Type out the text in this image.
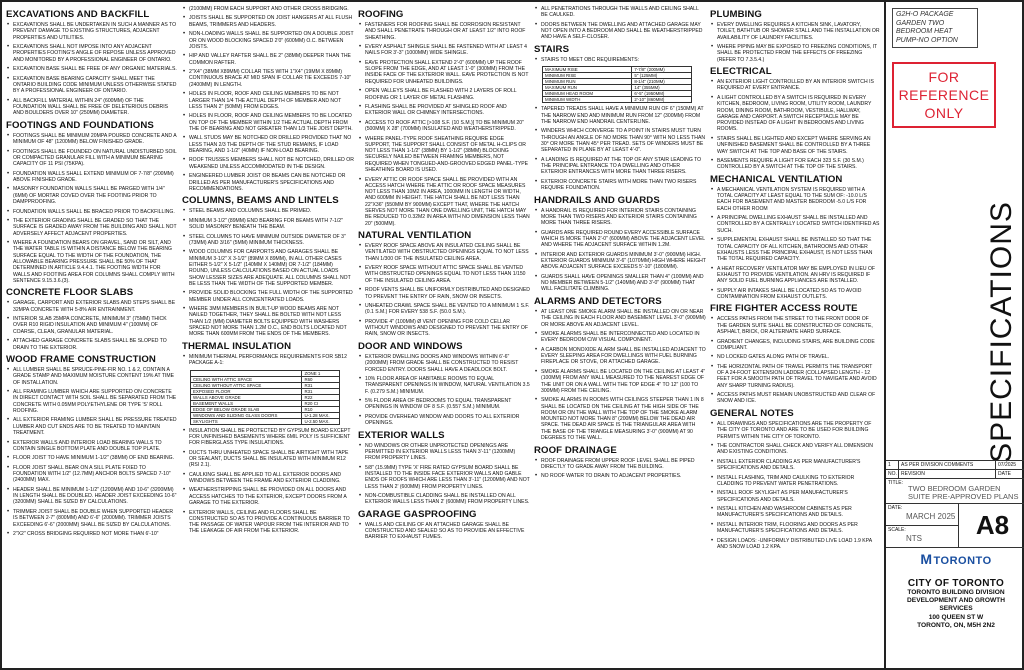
EXCAVATIONS AND BACKFILL
• EXCAVATIONS SHALL BE UNDERTAKEN IN SUCH A MANNER AS TO PREVENT DAMAGE TO EXISTING STRUCTURES, ADJACENT PROPERTIES AND UTILITIES.
• EXCAVATIONS SHALL NOT IMPOSE INTO ANY ADJACENT PROPERTIES FOOTING'S ANGLE OF REPOSE UNLESS APPROVED AND MONITORED BY A PROFESSIONAL ENGINEER OF ONTARIO.
• EXCAVATION BASE SHALL BE FREE OF ANY ORGANIC MATERIALS.
• EXCAVATION BASE BEARING CAPACITY SHALL MEET THE ONTARIO BUILDING CODE MINIMUM UNLESS OTHERWISE STATED BY A PROFESSIONAL ENGINEER OF ONTARIO.
• ALL BACKFILL MATERIAL WITHIN 24" (600MM) OF THE FOUNDATION WALL SHALL BE FREE OF DELETERIOUS DEBRIS AND BOULDERS OVER 10" (250MM) DIAMETER.
FOOTINGS AND FOUNDATIONS
• FOOTINGS SHALL BE MINIMUM 20MPA POURED CONCRETE AND A MINIMUM OF 48" (1200MM) BELOW FINISHED GRADE.
• FOOTINGS SHALL BE FOUNDED ON NATURAL UNDISTURBED SOIL OR COMPACTED GRANULAR FILL WITH A MINIMUM BEARING CAPACITY OF 11 PSI (75KPA).
• FOUNDATION WALLS SHALL EXTEND MINIMUM OF 7-7/8" (200MM) ABOVE FINISHED GRADE.
• MASONRY FOUNDATION WALLS SHALL BE PARGED WITH 1/4" (6MM) OF MORTAR COVED OVER THE FOOTING PRIOR TO DAMPPROOFING.
• FOUNDATION WALLS SHALL BE BRACED PRIOR TO BACKFILLING.
• THE EXTERIOR GRADING SHALL BE GRADED SO THAT THE SURFACE IS GRADED AWAY FROM THE BUILDING AND SHALL NOT ADVERSELY AFFECT ADJACENT PROPERTIES.
• WHERE A FOUNDATION BEARS ON GRAVEL, SAND OR SILT, AND THE WATER TABLE IS WITHIN A DISTANCE BELOW THE BEARING SURFACE EQUAL TO THE WIDTH OF THE FOUNDATION, THE ALLOWABLE BEARING PRESSURE SHALL BE 50% OF THAT DETERMINED IN ARTICLE 9.4.4.1. THE FOOTING WIDTH FOR WALLS AND FOOTING AREA FOR COLUMNS SHALL COMPLY WITH SENTENCE 9.15.3.6.(3).
CONCRETE FLOOR SLABS
• GARAGE, CARPORT AND EXTERIOR SLABS AND STEPS SHALL BE 32MPA CONCRETE WITH 5-8% AIR ENTRAINMENT.
• INTERIOR SLAB 25MPA CONCRETE, MINIMUM 3" (75MM) THICK OVER R10 RIGID INSULATION AND MINIMUM 4" (100MM) OF COARSE, CLEAN, GRANULAR MATERIAL.
• ATTACHED GARAGE CONCRETE SLABS SHALL BE SLOPED TO DRAIN TO THE EXTERIOR.
WOOD FRAME CONSTRUCTION
• ALL LUMBER SHALL BE SPRUCE-PINE-FIR NO. 1 & 2, CONTAIN A GRADE STAMP AND MAXIMUM MOISTURE CONTENT 19% AT TIME OF INSTALLATION.
• ALL FRAMING LUMBER WHICH ARE SUPPORTED ON CONCRETE IN DIRECT CONTACT WITH SOIL SHALL BE SEPARATED FROM THE CONCRETE WITH 0.05MM POLYETHYLENE OR TYPE 'S' ROLL ROOFING.
• ALL EXTERIOR FRAMING LUMBER SHALL BE PRESSURE TREATED LUMBER AND CUT ENDS ARE TO BE TREATED TO MAINTAIN TREATMENT.
• EXTERIOR WALLS AND INTERIOR LOAD BEARING WALLS TO CONTAIN SINGLE BOTTOM PLATE AND DOUBLE TOP PLATE.
• FLOOR JOIST TO HAVE MINIMUM 1-1/2" (38MM) OF END BEARING.
• FLOOR JOIST SHALL BEAR ON A SILL PLATE FIXED TO FOUNDATION WITH 1/2" (12.7MM) ANCHOR BOLTS SPACED 7-10" (2400MM) MAX.
• HEADER SHALL BE MINIMUM 1-1/2" (1200MM) AND 10-6" (3200MM) IN LENGTH SHALL BE DOUBLED. HEADER JOIST EXCEEDING 10-6" (3200MM) SHALL BE SIZED BY CALCULATIONS.
• TRIMMER JOIST SHALL BE DOUBLE WHEN SUPPORTED HEADER IS BETWEEN 2-7" (800MM) AND 6'-6" (2000MM). TRIMMER JOISTS EXCEEDING 6'-6" (2000MM) SHALL BE SIZED BY CALCULATIONS.
• 2"X2" CROSS BRIDGING REQUIRED NOT MORE THAN 6'-10"
• (2100MM) FROM EACH SUPPORT AND OTHER CROSS BRIDGING.
• JOISTS SHALL BE SUPPORTED ON JOIST HANGERS AT ALL FLUSH BEAMS, TRIMMERS AND HEADERS.
• NON-LOADING WALLS SHALL BE SUPPORTED ON A DOUBLE JOIST OR ON WOOD BLOCKING SPACED 2'0" (600MM) O.C. BETWEEN JOISTS.
• HIP AND VALLEY RAFTER SHALL BE 2" (38MM) DEEPER THAN THE COMMON RAFTER.
• 2"X4" (38MM X89MM) COLLAR TIES WITH 1"X4" (19MM X 89MM) CONTINUOUS BRACE AT MID SPAN IF COLLAR TIE EXCEEDS 7-10" (2400MM) IN LENGTH.
• HOLES IN FLOOR, ROOF AND CEILING MEMBERS TO BE NOT LARGER THAN 1/4 THE ACTUAL DEPTH OF MEMBER AND NOT LESS THAN 2" (50MM) FROM EDGES.
• HOLES IN FLOOR, ROOF AND CEILING MEMBERS TO BE LOCATED ON TOP OF THE MEMBER WITHIN 1/2 THE ACTUAL DEPTH FROM THE OF BEARING AND NOT GREATER THAN 1/3 THE JOIST DEPTH.
• WALL STUDS MAY BE NOTCHED OR DRILLED PROVIDED THAT NO LESS THAN 2/3 THE DEPTH OF THE STUD REMAINS, IF LOAD BEARING, AND 1-1/2" (40MM) IF NON-LOAD BEARING.
• ROOF TRUSSES MEMBERS SHALL NOT BE NOTCHED, DRILLED OR WEAKENED UNLESS ACCOMMODATED IN THE DESIGN.
• ENGINEERED LUMBER JOIST OR BEAMS CAN BE NOTCHED OR DRILLED AS PER MANUFACTURER'S SPECIFICATIONS AND RECOMMENDATIONS.
COLUMNS, BEAMS AND LINTELS
• STEEL BEAMS AND COLUMNS SHALL BE PRIMED.
• MINIMUM 3-1/2" (89MM) END BEARING FOR BEAMS WITH 7-1/2" SOLID MASONRY BENEATH THE BEAM.
• STEEL COLUMNS TO HAVE MINIMUM OUTSIDE DIAMETER OF 3" (73MM) AND 3/16" (5MM) MINIMUM THICKNESS.
• WOOD COLUMNS FOR CARPORTS AND GARAGES SHALL BE MINIMUM 3-1/2" X 3-1/2" (89MM X 89MM), IN ALL OTHER CASES EITHER 5-1/2" X 5-1/2" (140MM X 140MM) OR 7-1/2" (184MM) ROUND, UNLESS CALCULATIONS BASED ON ACTUAL LOADS SHOW LESSER SIZES ARE ADEQUATE. ALL COLUMNS SHALL NOT BE LESS THAN THE WIDTH OF THE SUPPORTED MEMBER.
• PROVIDE SOLID BLOCKING THE FULL WIDTH OF THE SUPPORTED MEMBER UNDER ALL CONCENTRATED LOADS.
• WHERE 3MM MEMBERS IN BUILT-UP WOOD BEAMS ARE NOT NAILED TOGETHER, THEY SHALL BE BOLTED WITH NOT LESS THAN 1/2 (MM) DIAMETER BOLTS EQUIPPED WITH WASHERS SPACED NOT MORE THAN 1.2M O.C., END BOLTS LOCATED NOT MORE THAN 600MM FROM THE ENDS OF THE MEMBERS.
THERMAL INSULATION
• MINIMUM THERMAL PERFORMANCE REQUIREMENTS FOR SB12 PACKAGE A-1:
	ZONE 1
CEILING WITH ATTIC SPACE	R60
CEILING WITHOUT ATTIC SPACE	R31
EXPOSED FLOOR	R31
WALLS ABOVE GRADE	R22
BASEMENT WALLS	R20 CI
EDGE OF BELOW GRADE SLAB	R10
WINDOWS AND SLIDING GLASS DOORS	U-1.28 MAX.
SKYLIGHTS	U-2.50 MAX.
• INSULATION SHALL BE PROTECTED BY GYPSUM BOARD EXCEPT FOR UNFINISHED BASEMENTS WHERE 6MIL POLY IS SUFFICIENT FOR FIBERGLASS TYPE INSULATIONS.
• DUCTS THRU UNHEATED SPACE SHALL BE AIRTIGHT WITH TAPE OR SEALANT, DUCTS SHALL BE INSULATED WITH MINIMUM R12 (RSI 2.1).
• CAULKING SHALL BE APPLIED TO ALL EXTERIOR DOORS AND WINDOWS BETWEEN THE FRAME AND EXTERIOR CLADDING.
• WEATHERSTRIPPING SHALL BE PROVIDED ON ALL DOORS AND ACCESS HATCHES TO THE EXTERIOR, EXCEPT DOORS FROM A GARAGE TO THE EXTERIOR.
• EXTERIOR WALLS, CEILING AND FLOORS SHALL BE CONSTRUCTED SO AS TO PROVIDE A CONTINUOUS BARRIER TO THE PASSAGE OF WATER VAPOUR FROM THE INTERIOR AND TO THE LEAKAGE OF AIR FROM THE EXTERIOR.
ROOFING
• FASTENERS FOR ROOFING SHALL BE CORROSION RESISTANT AND SHALL PENETRATE THROUGH OR AT LEAST 1/2" INTO ROOF SHEATHING.
• EVERY ASPHALT SHINGLE SHALL BE FASTENED WITH AT LEAST 4 NAILS FOR 3'-3" (1000MM) WIDE SHINGLE.
• EAVE PROTECTION SHALL EXTEND 2'-0" (600MM) UP THE ROOF SLOPE FROM THE EDGE, AND AT LEAST 1'-0" (300MM) FROM THE INSIDE FACE OF THE EXTERIOR WALL. EAVE PROTECTION IS NOT REQUIRED FOR UNHEATED BUILDINGS.
• OPEN VALLEYS SHALL BE FLASHED WITH 2 LAYERS OF ROLL ROOFING OR 1 LAYER OF METAL FLASHING.
• FLASHING SHALL BE PROVIDED AT SHINGLED ROOF AND EXTERIOR WALL OR CHIMNEY INTERSECTIONS.
• ACCESS TO ROOF ATTIC [>108 S.F. (10 S.M.)] TO BE MINIMUM 20" (500MM) X 28" (700MM) INSULATED AND WEATHERSTRIPPED.
• WHERE PANEL-TYPE ROOF SHEATHING REQUIRE EDGE SUPPORT, THE SUPPORT SHALL CONSIST OF METAL H-CLIPS OR NOT LESS THAN 1-1/2" (38MM) BY 1-1/2" (38MM) BLOCKING SECURELY NAILED BETWEEN FRAMING MEMBERS, NOT REQUIRED WHEN TONGUED-AND-GROOVED EDGED PANEL-TYPE SHEATHING BOARD IS USED.
• EVERY ATTIC OR ROOF SPACE SHALL BE PROVIDED WITH AN ACCESS HATCH WHERE THE ATTIC OR ROOF SPACE MEASURES NOT LESS THAN 10M2 IN AREA, 1000MM IN LENGTH OR WIDTH, AND 600MM IN HEIGHT. THE HATCH SHALL BE NOT LESS THAN 22"X36" (550MM BY 900MM) EXCEPT THAT, WHERE THE HATCH SERVES NOT MORE THAN ONE DWELLING UNIT, THE HATCH MAY BE REDUCED TO 0.32M2 IN AREA WITH NO DIMENSION LESS THAN 20" (500MM).
NATURAL VENTILATION
• EVERY ROOF SPACE ABOVE AN INSULATED CEILING SHALL BE VENTILATED WITH OBSTRUCTED OPENINGS EQUAL TO NOT LESS THAN 1/300 OF THE INSULATED CEILING AREA.
• EVERY ROOF SPACE WITHOUT ATTIC SPACE SHALL BE VENTED WITH OBSTRUCTED OPENINGS EQUAL TO NOT LESS THAN 1/150 OF THE INSULATED CEILING AREA.
• ROOF VENTS SHALL BE UNIFORMLY DISTRIBUTED AND DESIGNED TO PREVENT THE ENTRY OF RAIN, SNOW OR INSECTS.
• UNHEATED CRAWL SPACE SHALL BE VENTED TO A MINIMUM 1 S.F. (0.1 S.M.) FOR EVERY 538 S.F. (50.0 S.M.).
• PROVIDE 4" (100MM) Ø VENT OPENING FOR COLD CELLAR WITHOUT WINDOWS AND DESIGNED TO PREVENT THE ENTRY OF RAIN, SNOW OR INSECTS.
DOOR AND WINDOWS
• EXTERIOR DWELLING DOORS AND WINDOWS WITHIN 6'-6" (2000MM) FROM GRADE SHALL BE CONSTRUCTED TO RESIST FORCED ENTRY. DOORS SHALL HAVE A DEADLOCK BOLT.
• 10% FLOOR AREA OF HABITABLE ROOMS TO EQUAL TRANSPARENT OPENINGS IN WINDOW, NATURAL VENTILATION 3.5 F. (0.279 S.M.) MINIMUM.
• 5% FLOOR AREA OF BEDROOMS TO EQUAL TRANSPARENT OPENINGS IN WINDOW OF 8 S.F. (0.557 S.M.) MINIMUM.
• PROVIDE OVERHEAD WINDOW AND DOORS TO ALL EXTERIOR OPENINGS.
EXTERIOR WALLS
• NO WINDOWS OR OTHER UNPROTECTED OPENINGS ARE PERMITTED IN EXTERIOR WALLS LESS THAN 3'-11" (1200MM) FROM PROPERTY LINES.
• 5/8" (15.9MM) TYPE 'X' FIRE RATED GYPSUM BOARD SHALL BE INSTALLED TO THE INSIDE FACE EXTERIOR WALLS AND GABLE ENDS OF ROOFS WHICH ARE LESS THAN 3'-11" (1200MM) AND NOT LESS THAN 2' (600MM) FROM PROPERTY LINES.
• NON-COMBUSTIBLE CLADDING SHALL BE INSTALLED ON ALL EXTERIOR WALLS LESS THAN 2' (600MM) FROM PROPERTY LINES.
GARAGE GASPROOFING
• WALLS AND CEILING OF AN ATTACHED GARAGE SHALL BE CONSTRUCTED AND SEALED SO AS TO PROVIDE AN EFFECTIVE BARRIER TO EXHAUST FUMES.
• ALL PENETRATIONS THROUGH THE WALLS AND CEILING SHALL BE CAULKED.
• DOORS BETWEEN THE DWELLING AND ATTACHED GARAGE MAY NOT OPEN INTO A BEDROOM AND SHALL BE WEATHERSTRIPPED AND HAVE A SELF-CLOSER.
STAIRS
• STAIRS TO MEET OBC REQUIREMENTS:
MAXIMUM RISE	7-7/8" (200MM)
MINIMUM RISE	5" (125MM)
MINIMUM RUN	8-1/4" (210MM)
MAXIMUM RUN	14" (355MM)
MINIMUM HEAD ROOM	6'-5" (1950MM)
MINIMUM WIDTH	2'-10" (860MM)
• TAPERED TREADS SHALL HAVE A MINIMUM RUN OF 6" (150MM) AT THE NARROW END AND MINIMUM RUN FROM 12" (300MM) FROM THE NARROW END HANDRAIL CENTERLINE.
• WINDERS WHICH CONVERGE TO A POINT IN STAIRS MUST TURN THROUGH AN ANGLE OF NO MORE THAN 90° WITH NO LESS THAN 30° OR MORE THAN 45° PER TREAD. SETS OF WINDERS MUST BE SEPARATED IN PLANE BY AT LEAST 4'-0".
• A LANDING IS REQUIRED AT THE TOP OF ANY STAIR LEADING TO THE PRINCIPAL ENTRANCE TO A DWELLING AND OTHER EXTERIOR ENTRANCES WITH MORE THAN THREE RISERS.
• EXTERIOR CONCRETE STAIRS WITH MORE THAN TWO RISERS REQUIRE FOUNDATION.
HANDRAILS AND GUARDS
• A HANDRAIL IS REQUIRED FOR INTERIOR STAIRS CONTAINING MORE THAN TWO RISERS AND EXTERIOR STAIRS CONTAINING MORE THAN THREE RISERS.
• GUARDS ARE REQUIRED ROUND EVERY ACCESSIBLE SURFACE WHICH IS MORE THAN 2'-0" (600MM) ABOVE THE ADJACENT LEVEL AND WHERE THE ADJACENT SURFACE WITHIN 1.2M.
• INTERIOR AND EXTERIOR GUARDS MINIMUM 3'-0" (900MM) HIGH. EXTERIOR GUARDS MINIMUM 3'-6" (1070MM) HIGH WHERE HEIGHT ABOVE ADJACENT SURFACE EXCEEDS 5'-10" (1800MM).
• GUARDS SHALL HAVE OPENINGS SMALLER THAN 4" (100MM) AND NO MEMBER BETWEEN 5-1/2" (140MM) AND 3'-0" (900MM) THAT WILL FACILITATE CLIMBING.
ALARMS AND DETECTORS
• AT LEAST ONE SMOKE ALARM SHALL BE INSTALLED ON OR NEAR THE CEILING IN EACH FLOOR AND BASEMENT LEVEL 3'-0" (900MM) OR MORE ABOVE AN ADJACENT LEVEL.
• SMOKE ALARMS SHALL BE INTERCONNECTED AND LOCATED IN EVERY BEDROOM C/W VISUAL COMPONENT.
• A CARBON MONOXIDE ALARM SHALL BE INSTALLED ADJACENT TO EVERY SLEEPING AREA FOR DWELLINGS WITH FUEL BURNING FIREPLACE OR STOVE, OR ATTACHED GARAGE.
• SMOKE ALARMS SHALL BE LOCATED ON THE CEILING AT LEAST 4" (100MM) FROM ANY WALL MEASURED TO THE NEAREST EDGE OF THE UNIT OR ON A WALL WITH THE TOP EDGE 4" TO 12" (100 TO 300MM) FROM THE CEILING.
• SMOKE ALARMS IN ROOMS WITH CEILINGS STEEPER THAN 1 IN 8 SHALL BE LOCATED ON THE CEILING AT THE HIGH SIDE OF THE ROOM OR ON THE WALL WITH THE TOP OF THE SMOKE ALARM MOUNTED NOT MORE THAN 8" (200MM) BELOW THE DEAD AIR SPACE. THE DEAD AIR SPACE IS THE TRIANGULAR AREA WITH THE BASE OF THE TRIANGLE MEASURING 3'-0" (900MM) AT 90 DEGREES TO THE WALL.
ROOF DRAINAGE
• ROOF DRAINAGE FROM UPPER ROOF LEVEL SHALL BE PIPED DIRECTLY TO GRADE AWAY FROM THE BUILDING.
• NO ROOF WATER TO DRAIN TO ADJACENT PROPERTIES.
PLUMBING
• EVERY DWELLING REQUIRES A KITCHEN SINK, LAVATORY, TOILET, BATHTUB OR SHOWER STALL AND THE INSTALLATION OR AVAILABILITY OF LAUNDRY FACILITIES.
• WHERE PIPING MAY BE EXPOSED TO FREEZING CONDITIONS, IT SHALL BE PROTECTED FROM THE EFFECTS OF FREEZING (REFER TO 7.3.5.4.)
ELECTRICAL
• AN EXTERIOR LIGHT CONTROLLED BY AN INTERIOR SWITCH IS REQUIRED AT EVERY ENTRANCE.
• A LIGHT CONTROLLED BY A SWITCH IS REQUIRED IN EVERY KITCHEN, BEDROOM, LIVING ROOM, UTILITY ROOM, LAUNDRY ROOM, DINING ROOM, BATHROOM, VESTIBULE, HALLWAY, GARAGE AND CARPORT. A SWITCH RECEPTACLE MAY BE PROVIDED INSTEAD OF A LIGHT IN BEDROOMS AND LIVING ROOMS.
• STAIRS SHALL BE LIGHTED AND EXCEPT WHERE SERVING AN UNFINISHED BASEMENT SHALL BE CONTROLLED BY A THREE WAY SWITCH AT THE TOP AND BASE OF THE STAIRS.
• BASEMENTS REQUIRE A LIGHT FOR EACH 323 S.F. (30 S.M.) CONTROLLED BY A SWITCH AT THE TOP OF THE STAIRS.
MECHANICAL VENTILATION
• A MECHANICAL VENTILATION SYSTEM IS REQUIRED WITH A TOTAL CAPACITY AT LEAST EQUAL TO THE SUM OF: -10.0 L/S EACH FOR BASEMENT AND MASTER BEDROOM -5.0 L/S FOR EACH OTHER ROOM
• A PRINCIPAL DWELLING EXHAUST SHALL BE INSTALLED AND CONTROLLED BY A CENTRALLY LOCATED SWITCH IDENTIFIED AS SUCH.
• SUPPLEMENTAL EXHAUST SHALL BE INSTALLED SO THAT THE TOTAL CAPACITY OF ALL KITCHEN, BATHROOMS AND OTHER EXHAUSTS LESS THE PRINCIPAL EXHAUST, IS NOT LESS THAN THE TOTAL REQUIRED CAPACITY.
• A HEAT RECOVERY VENTILATOR MAY BE EMPLOYED IN LIEU OF EXHAUST TO PROVIDE VENTILATION. AN HRV IS REQUIRED IF ANY SOLID FUEL BURNING APPLIANCES ARE INSTALLED.
• SUPPLY AIR INTAKES SHALL BE LOCATED SO AS TO AVOID CONTAMINATION FROM EXHAUST OUTLETS.
FIRE FIGHTER ACCESS ROUTE
• ACCESS PATHS FROM THE STREET TO THE FRONT DOOR OF THE GARDEN SUITE SHALL BE CONSTRUCTED OF CONCRETE, ASPHALT, BRICK, OR ALTERNATE HARD SURFACE.
• GRADIENT CHANGES, INCLUDING STAIRS, ARE BUILDING CODE COMPLIANT.
• NO LOCKED GATES ALONG PATH OF TRAVEL.
• THE HORIZONTAL PATH OF TRAVEL PERMITS THE TRANSPORT OF A 24-FOOT EXTENSION LADDER (COLLAPSED LENGTH - 12 FEET FOR A SMOOTH PATH OF TRAVEL TO NAVIGATE AND AVOID ANY SHARP TURNING RADIUS).
• ACCESS PATHS MUST REMAIN UNOBSTRUCTED AND CLEAR OF SNOW AND ICE.
GENERAL NOTES
• ALL DRAWINGS AND SPECIFICATIONS ARE THE PROPERTY OF THE CITY OF TORONTO AND ARE TO BE USED FOR BUILDING PERMITS WITHIN THE CITY OF TORONTO.
• THE CONTRACTOR SHALL CHECK AND VERIFY ALL DIMENSION AND EXISTING CONDITIONS.
• INSTALL EXTERIOR CLADDING AS PER MANUFACTURER'S SPECIFICATIONS AND DETAILS.
• INSTALL FLASHING, TRIM AND CAULKING TO EXTERIOR CLADDING TO PREVENT WATER PENETRATIONS.
• INSTALL ROOF SKYLIGHT AS PER MANUFACTURER'S SPECIFICATIONS AND DETAILS.
• INSTALL KITCHEN AND WASHROOM CABINETS AS PER MANUFACTURER'S SPECIFICATIONS AND DETAILS.
• INSTALL INTERIOR TRIM, FLOORING AND DOORS AS PER MANUFACTURER'S SPECIFICATIONS AND DETAILS.
• DESIGN LOADS: -UNIFORMLY DISTRIBUTED LIVE LOAD 1.9 KPA AND SNOW LOAD 1.2 KPA.
G2H-O PACKAGE GARDEN TWO BEDROOM HEAT PUMP-NO OPTION
FOR
REFERENCE
ONLY
SPECIFICATIONS
1	AS PER DIVISION COMMENTS	07/2025
NO. REVISION	DATE
TITLE:
TWO BEDROOM GARDEN SUITE PRE-APPROVED PLANS
DATE:
MARCH 2025
SCALE:
NTS	A8
MTORONTO
CITY OF TORONTO
TORONTO BUILDING DIVISION
DEVELOPMENT AND GROWTH
SERVICES
100 QUEEN ST W
TORONTO, ON, M5H 2N2
